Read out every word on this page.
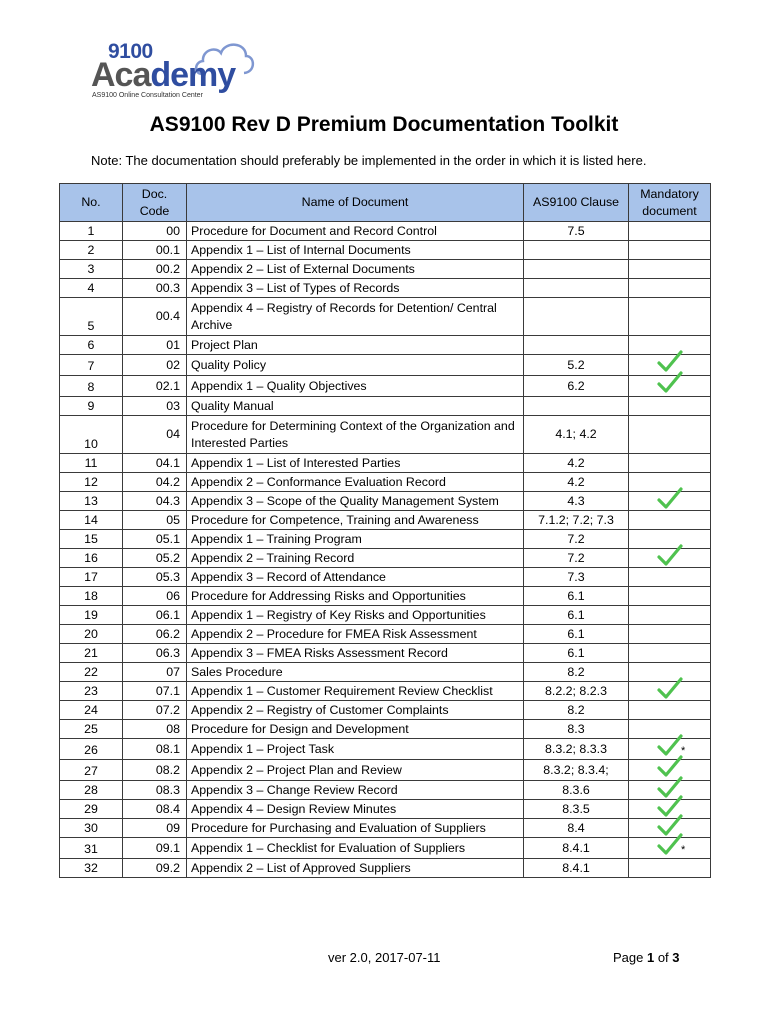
9100
Academy
AS9100 Online Consultation Center
AS9100 Rev D Premium Documentation Toolkit
Note: The documentation should preferably be implemented in the order in which it is listed here.
No.	Doc. Code	Name of Document	AS9100 Clause	Mandatory document
1	00	Procedure for Document and Record Control	7.5	
2	00.1	Appendix 1 – List of Internal Documents		
3	00.2	Appendix 2 – List of External Documents		
4	00.3	Appendix 3 – List of Types of Records		
5	00.4	Appendix 4 – Registry of Records for Detention/ Central Archive		
6	01	Project Plan		
7	02	Quality Policy	5.2	

8	02.1	Appendix 1 – Quality Objectives	6.2	

9	03	Quality Manual		
10	04	Procedure for Determining Context of the Organization and Interested Parties	4.1; 4.2	
11	04.1	Appendix 1 – List of Interested Parties	4.2	
12	04.2	Appendix 2 – Conformance Evaluation Record	4.2	
13	04.3	Appendix 3 – Scope of the Quality Management System	4.3	

14	05	Procedure for Competence, Training and Awareness	7.1.2; 7.2; 7.3	
15	05.1	Appendix 1 – Training Program	7.2	
16	05.2	Appendix 2 – Training Record	7.2	

17	05.3	Appendix 3 – Record of Attendance	7.3	
18	06	Procedure for Addressing Risks and Opportunities	6.1	
19	06.1	Appendix 1 – Registry of Key Risks and Opportunities	6.1	
20	06.2	Appendix 2 – Procedure for FMEA Risk Assessment	6.1	
21	06.3	Appendix 3 – FMEA Risks Assessment Record	6.1	
22	07	Sales Procedure	8.2	
23	07.1	Appendix 1 – Customer Requirement Review Checklist	8.2.2; 8.2.3	

24	07.2	Appendix 2 – Registry of Customer Complaints	8.2	
25	08	Procedure for Design and Development	8.3	
26	08.1	Appendix 1 – Project Task	8.3.2; 8.3.3	*

27	08.2	Appendix 2 – Project Plan and Review	8.3.2; 8.3.4;	

28	08.3	Appendix 3 – Change Review Record	8.3.6	

29	08.4	Appendix 4 – Design Review Minutes	8.3.5	

30	09	Procedure for Purchasing and Evaluation of Suppliers	8.4	

31	09.1	Appendix 1 – Checklist for Evaluation of Suppliers	8.4.1	*

32	09.2	Appendix 2 – List of Approved Suppliers	8.4.1	
ver 2.0, 2017-07-11	Page 1 of 3
